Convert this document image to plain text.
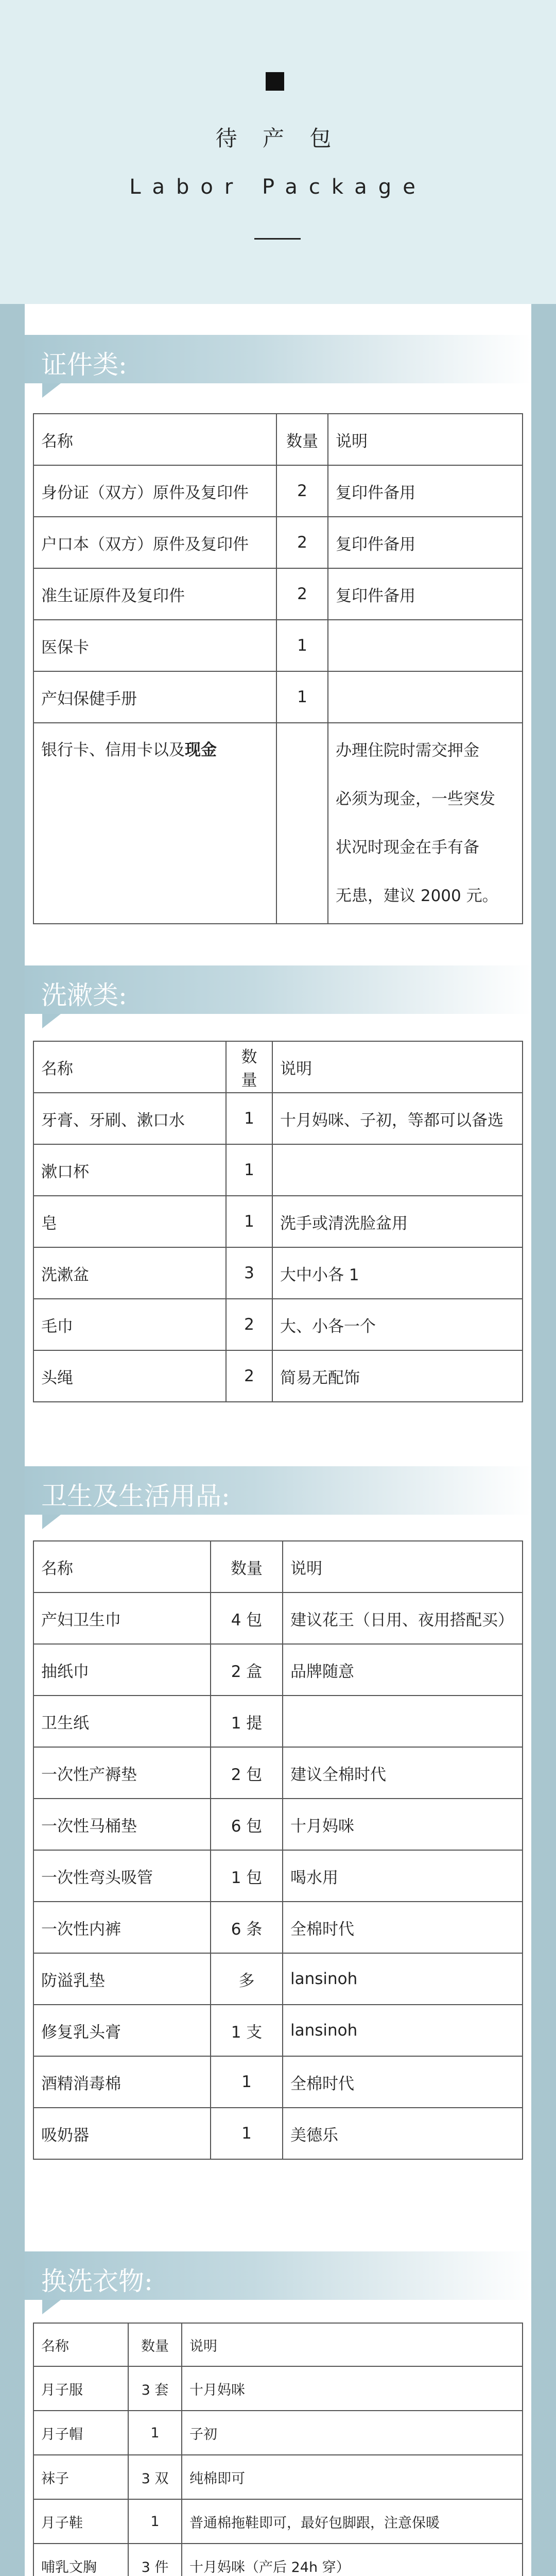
待 产 包
Labor Package
证件类:
名称	数量	说明
身份证（双方）原件及复印件	2	复印件备用
户口本（双方）原件及复印件	2	复印件备用
准生证原件及复印件	2	复印件备用
医保卡	1	
产妇保健手册	1	
银行卡、信用卡以及现金		办理住院时需交押金
必须为现金，一些突发
状况时现金在手有备
无患，建议 2000 元。
洗漱类:
名称	数量	说明
牙膏、牙刷、漱口水	1	十月妈咪、子初，等都可以备选
漱口杯	1	
皂	1	洗手或清洗脸盆用
洗漱盆	3	大中小各 1
毛巾	2	大、小各一个
头绳	2	简易无配饰
卫生及生活用品:
名称	数量	说明
产妇卫生巾	4 包	建议花王（日用、夜用搭配买）
抽纸巾	2 盒	品牌随意
卫生纸	1 提	
一次性产褥垫	2 包	建议全棉时代
一次性马桶垫	6 包	十月妈咪
一次性弯头吸管	1 包	喝水用
一次性内裤	6 条	全棉时代
防溢乳垫	多	lansinoh
修复乳头膏	1 支	lansinoh
酒精消毒棉	1	全棉时代
吸奶器	1	美德乐
换洗衣物:
名称	数量	说明
月子服	3 套	十月妈咪
月子帽	1	子初
袜子	3 双	纯棉即可
月子鞋	1	普通棉拖鞋即可，最好包脚跟，注意保暖
哺乳文胸	3 件	十月妈咪（产后 24h 穿）
